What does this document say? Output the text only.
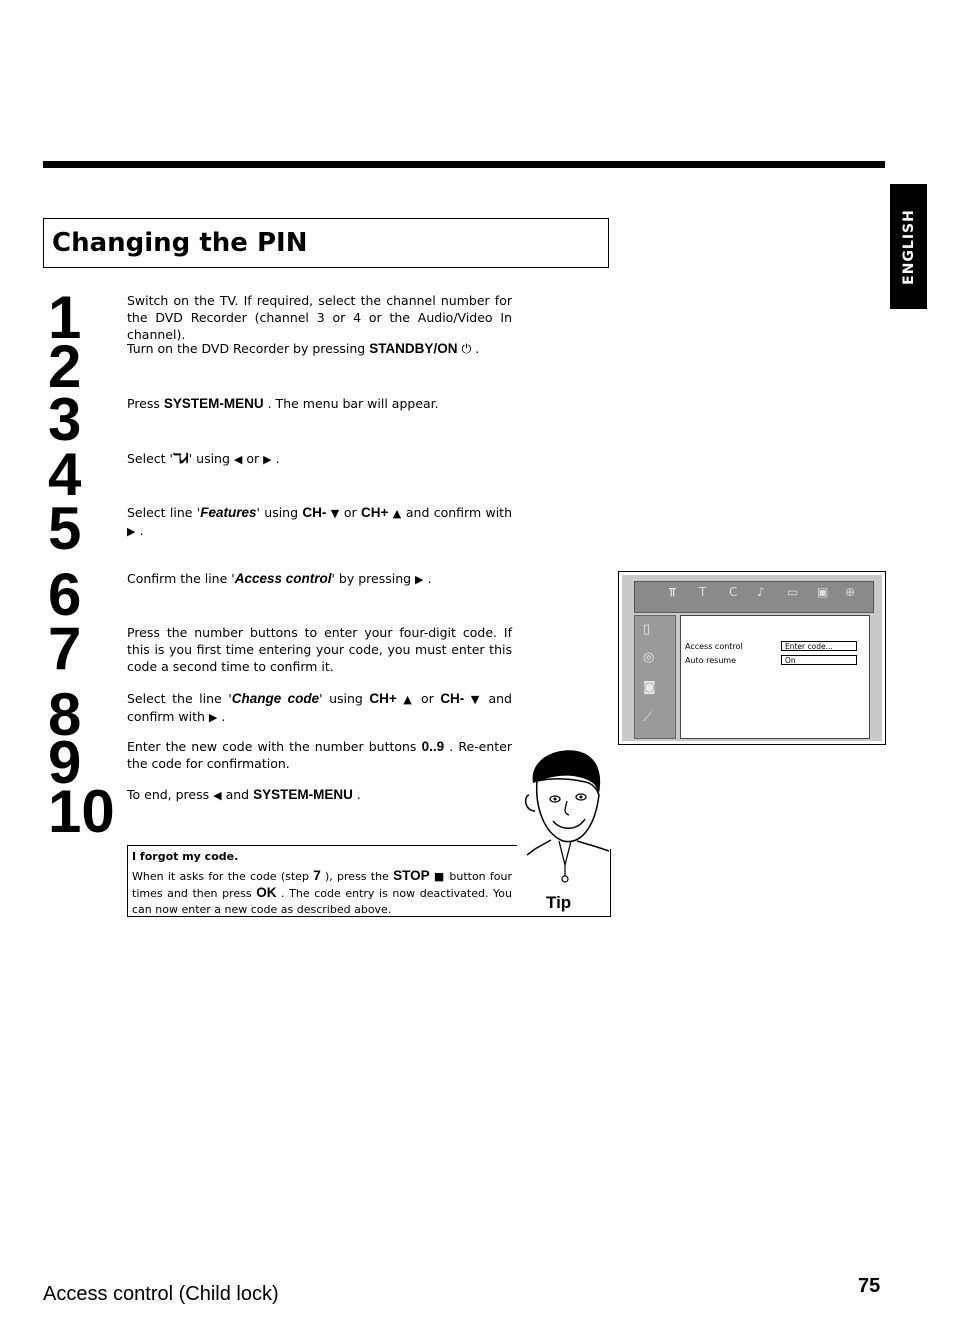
ENGLISH
Changing the PIN
1
2
3
4
5
6
7
8
9
10
Switch on the TV. If required, select the channel number for the DVD Recorder (channel 3 or 4 or the Audio/Video In channel).
Turn on the DVD Recorder by pressing STANDBY/ON ⏻ .
Press SYSTEM-MENU . The menu bar will appear.
Select 'ℸᏗ' using ◀ or ▶ .
Select line 'Features' using CH- ▼ or CH+ ▲ and confirm with ▶ .
Confirm the line 'Access control' by pressing ▶ .
Press the number buttons to enter your four-digit code. If this is you first time entering your code, you must enter this code a second time to confirm it.
Select the line 'Change code' using CH+ ▲ or CH- ▼ and confirm with ▶ .
Enter the new code with the number buttons 0..9 . Re-enter the code for confirmation.
To end, press ◀ and SYSTEM-MENU .
I forgot my code.
When it asks for the code (step 7 ), press the STOP ■ button four times and then press OK . The code entry is now deactivated. You can now enter a new code as described above.	Tip
⫪ T C ♪ ▭ ▣ ⊕
▯
◎
◙
⟋
Access control	Enter code...
Auto resume	On
Access control (Child lock)	75
